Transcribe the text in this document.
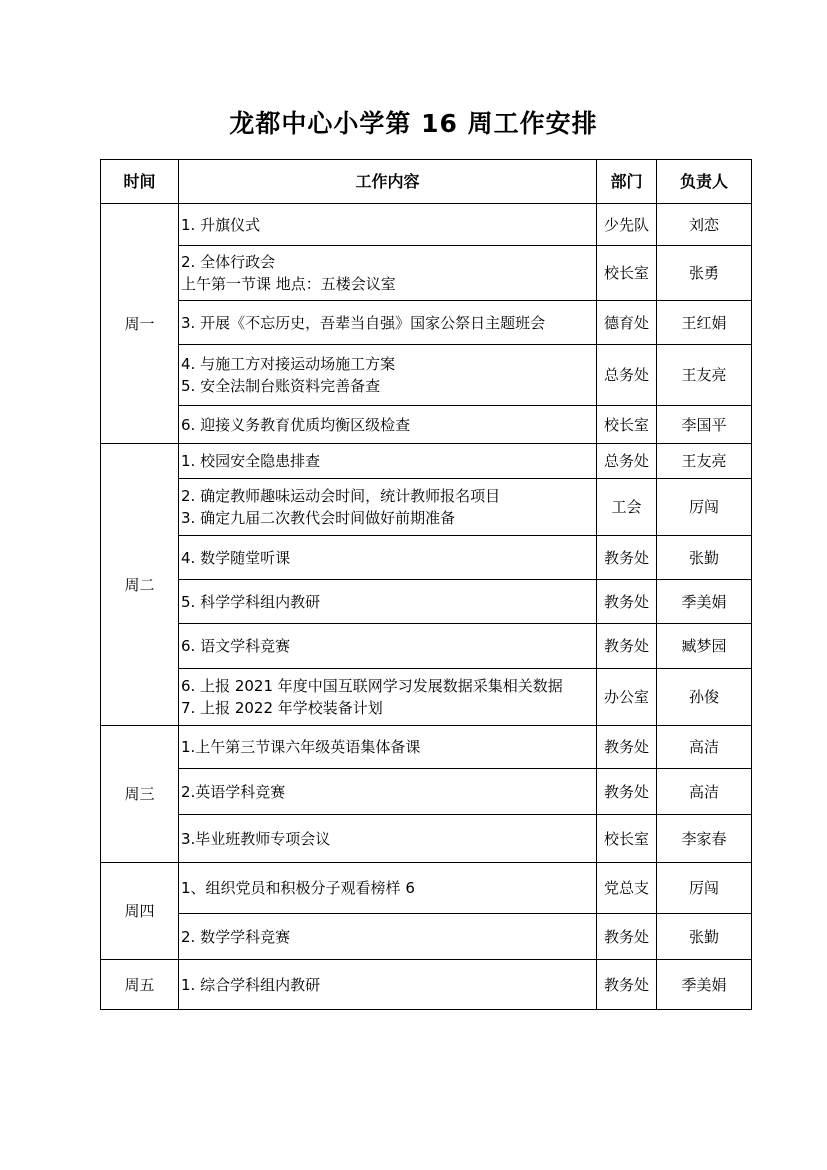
龙都中心小学第 16 周工作安排
时间	工作内容	部门	负责人
周一	1. 升旗仪式	少先队	刘恋

	2. 全体行政会
上午第一节课 地点：五楼会议室	校长室	张勇

	3. 开展《不忘历史，吾辈当自强》国家公祭日主题班会	德育处	王红娟

	4. 与施工方对接运动场施工方案
5. 安全法制台账资料完善备查	总务处	王友亮

	6. 迎接义务教育优质均衡区级检查	校长室	李国平
周二	1. 校园安全隐患排查	总务处	王友亮

	2. 确定教师趣味运动会时间，统计教师报名项目
3. 确定九届二次教代会时间做好前期准备	工会	厉闯

	4. 数学随堂听课	教务处	张勤

	5. 科学学科组内教研	教务处	季美娟

	6. 语文学科竞赛	教务处	臧梦园

	6. 上报 2021 年度中国互联网学习发展数据采集相关数据
7. 上报 2022 年学校装备计划	办公室	孙俊
周三	1.上午第三节课六年级英语集体备课	教务处	高洁

	2.英语学科竞赛	教务处	高洁

	3.毕业班教师专项会议	校长室	李家春
周四	1、组织党员和积极分子观看榜样 6	党总支	厉闯

	2. 数学学科竞赛	教务处	张勤
周五	1. 综合学科组内教研	教务处	季美娟
